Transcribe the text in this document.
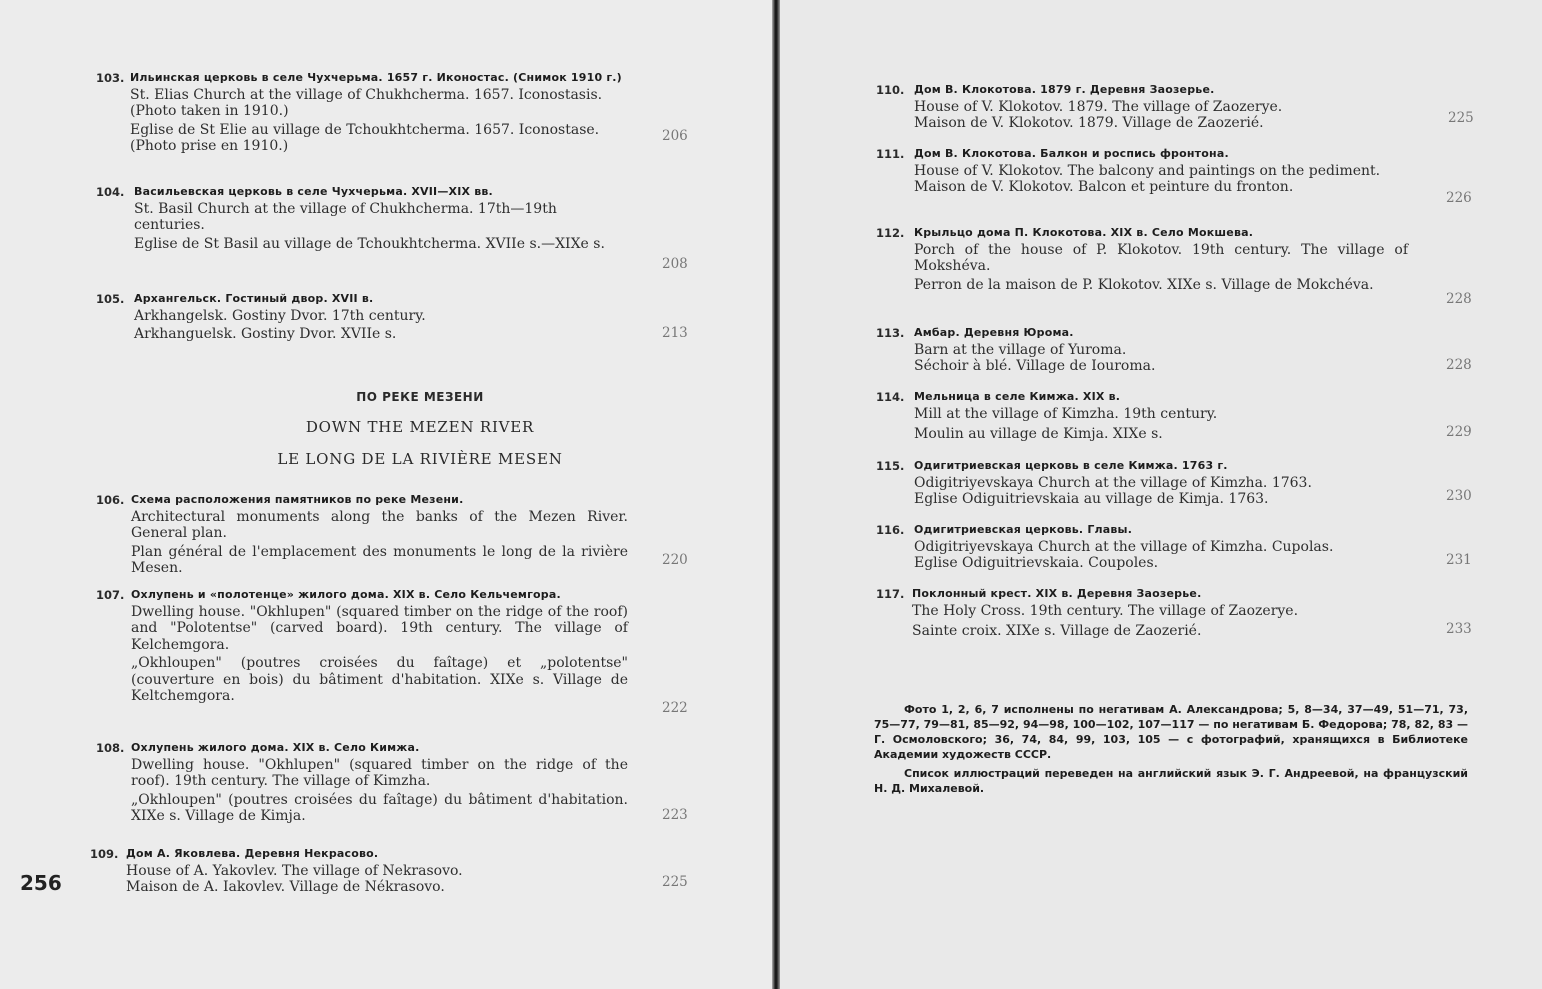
103. Ильинская церковь в селе Чухчерьма. 1657 г. Иконостас. (Снимок 1910 г.)
St. Elias Church at the village of Chukhcherma. 1657. Iconostasis. (Photo taken in 1910.)
Eglise de St Elie au village de Tchoukhtcherma. 1657. Iconostase. (Photo prise en 1910.)
206
104. Васильевская церковь в селе Чухчерьма. XVII—XIX вв.
St. Basil Church at the village of Chukhcherma. 17th—19th centuries.
Eglise de St Basil au village de Tchoukhtcherma. XVIIe s.—XIXe s.
208
105. Архангельск. Гостиный двор. XVII в.
Arkhangelsk. Gostiny Dvor. 17th century.
Arkhanguelsk. Gostiny Dvor. XVIIe s.	213
ПО РЕКЕ МЕЗЕНИ
DOWN THE MEZEN RIVER
LE LONG DE LA RIVIÈRE MESEN
106. Схема расположения памятников по реке Мезени.
Architectural monuments along the banks of the Mezen River. General plan.
Plan général de l'emplacement des monuments le long de la rivière Mesen.	220
107. Охлупень и «полотенце» жилого дома. XIX в. Село Кельчемгора.
Dwelling house. "Okhlupen" (squared timber on the ridge of the roof) and "Polotentse" (carved board). 19th century. The village of Kelchemgora.
„Okhloupen" (poutres croisées du faîtage) et „polotentse" (couverture en bois) du bâtiment d'habitation. XIXe s. Village de Keltchemgora.
222
108. Охлупень жилого дома. XIX в. Село Кимжа.
Dwelling house. "Okhlupen" (squared timber on the ridge of the roof). 19th century. The village of Kimzha.
„Okhloupen" (poutres croisées du faîtage) du bâtiment d'habitation. XIXe s. Village de Kimja.	223
109. Дом А. Яковлева. Деревня Некрасово.
House of A. Yakovlev. The village of Nekrasovo.
Maison de A. Iakovlev. Village de Nékrasovo.	225
256
110. Дом В. Клокотова. 1879 г. Деревня Заозерье.
House of V. Klokotov. 1879. The village of Zaozerye.
Maison de V. Klokotov. 1879. Village de Zaozerié.	225
111. Дом В. Клокотова. Балкон и роспись фронтона.
House of V. Klokotov. The balcony and paintings on the pediment.
Maison de V. Klokotov. Balcon et peinture du fronton.
226
112. Крыльцо дома П. Клокотова. XIX в. Село Мокшева.
Porch of the house of P. Klokotov. 19th century. The village of Mokshéva.
Perron de la maison de P. Klokotov. XIXe s. Village de Mokchéva.
228
113. Амбар. Деревня Юрома.
Barn at the village of Yuroma.
Séchoir à blé. Village de Iouroma.	228
114. Мельница в селе Кимжа. XIX в.
Mill at the village of Kimzha. 19th century.
Moulin au village de Kimja. XIXe s.	229
115. Одигитриевская церковь в селе Кимжа. 1763 г.
Odigitriyevskaya Church at the village of Kimzha. 1763.
Eglise Odiguitrievskaia au village de Kimja. 1763.	230
116. Одигитриевская церковь. Главы.
Odigitriyevskaya Church at the village of Kimzha. Cupolas.
Eglise Odiguitrievskaia. Coupoles.	231
117. Поклонный крест. XIX в. Деревня Заозерье.
The Holy Cross. 19th century. The village of Zaozerye.
Sainte croix. XIXe s. Village de Zaozerié.	233
Фото 1, 2, 6, 7 исполнены по негативам А. Александрова; 5, 8—34, 37—49, 51—71, 73, 75—77, 79—81, 85—92, 94—98, 100—102, 107—117 — по негативам Б. Федорова; 78, 82, 83 — Г. Осмоловского; 36, 74, 84, 99, 103, 105 — с фотографий, хранящихся в Библиотеке Академии художеств СССР.
Список иллюстраций переведен на английский язык Э. Г. Андреевой, на французский Н. Д. Михалевой.
